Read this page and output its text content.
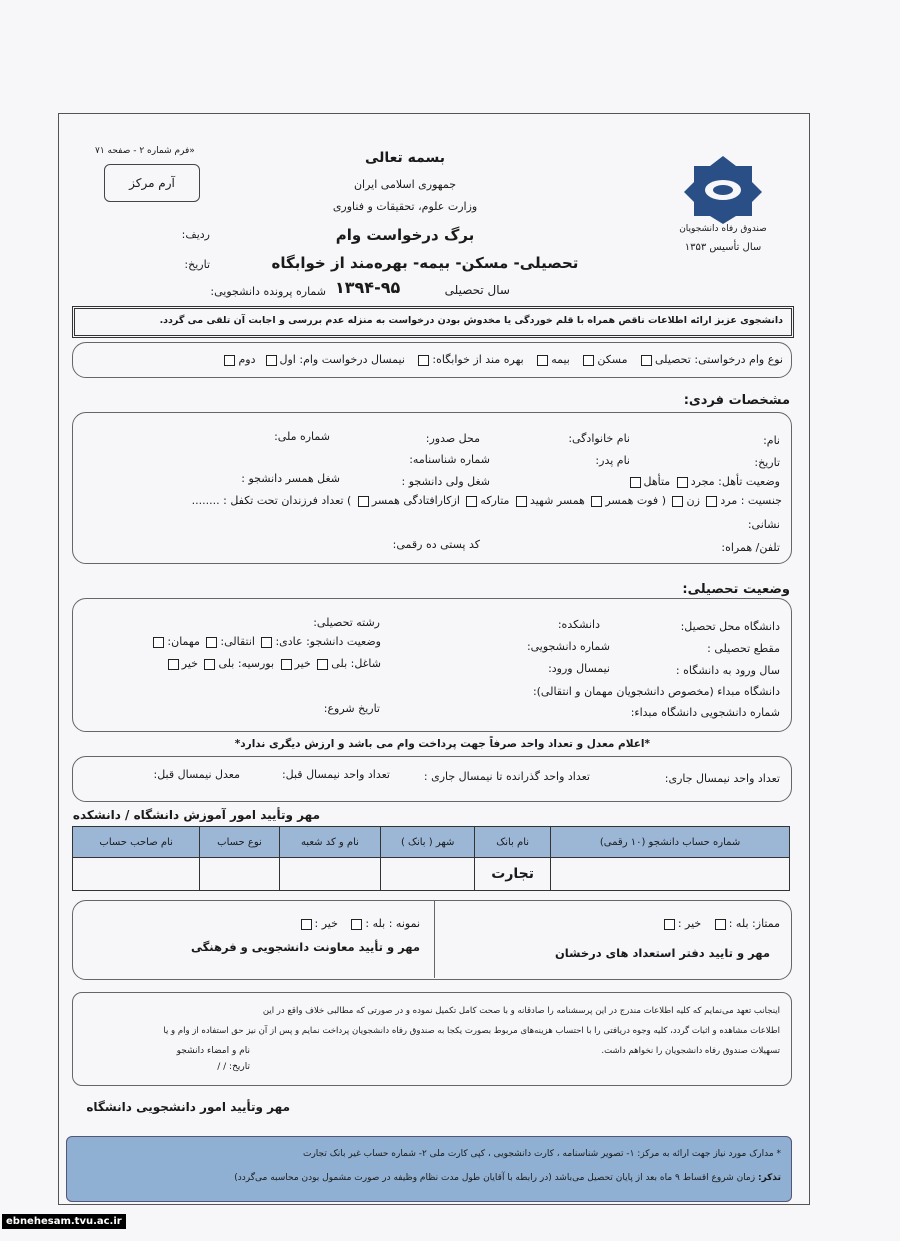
«فرم شماره ۲ - صفحه ۷۱
آرم مرکز
بسمه تعالی
جمهوری اسلامی ایران
وزارت علوم، تحقیقات و فناوری
برگ درخواست وام
تحصیلی- مسکن- بیمه- بهره‌مند از خوابگاه
سال تحصیلی
۱۳۹۴-۹۵
ردیف:
تاریخ:
شماره پرونده دانشجویی:
صندوق رفاه دانشجویان
سال تأسیس ۱۳۵۳
دانشجوی عزیز ارائه اطلاعات ناقص همراه با قلم خوردگی یا مخدوش بودن درخواست به منزله عدم بررسی و اجابت آن تلقی می گردد.
نوع وام درخواستی: تحصیلی   مسکن   بیمه   بهره مند از خوابگاه:   نیمسال درخواست وام: اول  دوم
مشخصات فردی:
نام:
نام خانوادگی:
محل صدور:
شماره ملی:
تاریخ:
نام پدر:
شماره شناسنامه:
وضعیت تأهل: مجرد متأهل
شغل ولی دانشجو :
شغل همسر دانشجو :
جنسیت : مرد زن ( فوت همسر همسر شهید متارکه ازکارافتادگی همسر ) تعداد فرزندان تحت تکفل : ........
نشانی:
تلفن/ همراه:
کد پستی ده رقمی:
وضعیت تحصیلی:
دانشگاه محل تحصیل:
دانشکده:
رشته تحصیلی:
مقطع تحصیلی :
شماره دانشجویی:
وضعیت دانشجو: عادی: انتقالی: مهمان:
سال ورود به دانشگاه :
نیمسال ورود:
شاغل: بلی خیر بورسیه: بلی خیر
دانشگاه مبداء (مخصوص دانشجویان مهمان و انتقالی):
شماره دانشجویی دانشگاه مبداء:
تاریخ شروع:
*اعلام معدل و تعداد واحد صرفاً جهت پرداخت وام می باشد و ارزش دیگری ندارد*
تعداد واحد نیمسال جاری:
تعداد واحد گذرانده تا نیمسال جاری :
تعداد واحد نیمسال قبل:
معدل نیمسال قبل:
مهر وتأیید امور آموزش دانشگاه / دانشکده
نام صاحب حساب	نوع حساب	نام و کد شعبه	شهر ( بانک )	نام بانک	شماره حساب دانشجو (۱۰ رقمی)
				تجارت	
ممتاز: بله :   خیر :
مهر و تایید دفتر استعداد های درخشان
نمونه : بله :   خیر :
مهر و تأیید معاونت دانشجویی و فرهنگی
اینجانب تعهد می‌نمایم که کلیه اطلاعات مندرج در این پرسشنامه را صادقانه و با صحت کامل تکمیل نموده و در صورتی که مطالبی خلاف واقع در این
اطلاعات مشاهده و اثبات گردد، کلیه وجوه دریافتی را با احتساب هزینه‌های مربوط بصورت یکجا به صندوق رفاه دانشجویان پرداخت نمایم و پس از آن نیز حق استفاده از وام و یا
تسهیلات صندوق رفاه دانشجویان را نخواهم داشت.
نام و امضاء دانشجو
تاریخ: / /
مهر وتأیید امور دانشجویی دانشگاه
* مدارک مورد نیاز جهت ارائه به مرکز: ۱- تصویر شناسنامه ، کارت دانشجویی ، کپی کارت ملی ۲- شماره حساب غیر بانک تجارت
تذکر: زمان شروع اقساط ۹ ماه بعد از پایان تحصیل می‌باشد (در رابطه با آقایان طول مدت نظام وظیفه در صورت مشمول بودن محاسبه می‌گردد)
ebnehesam.tvu.ac.ir
